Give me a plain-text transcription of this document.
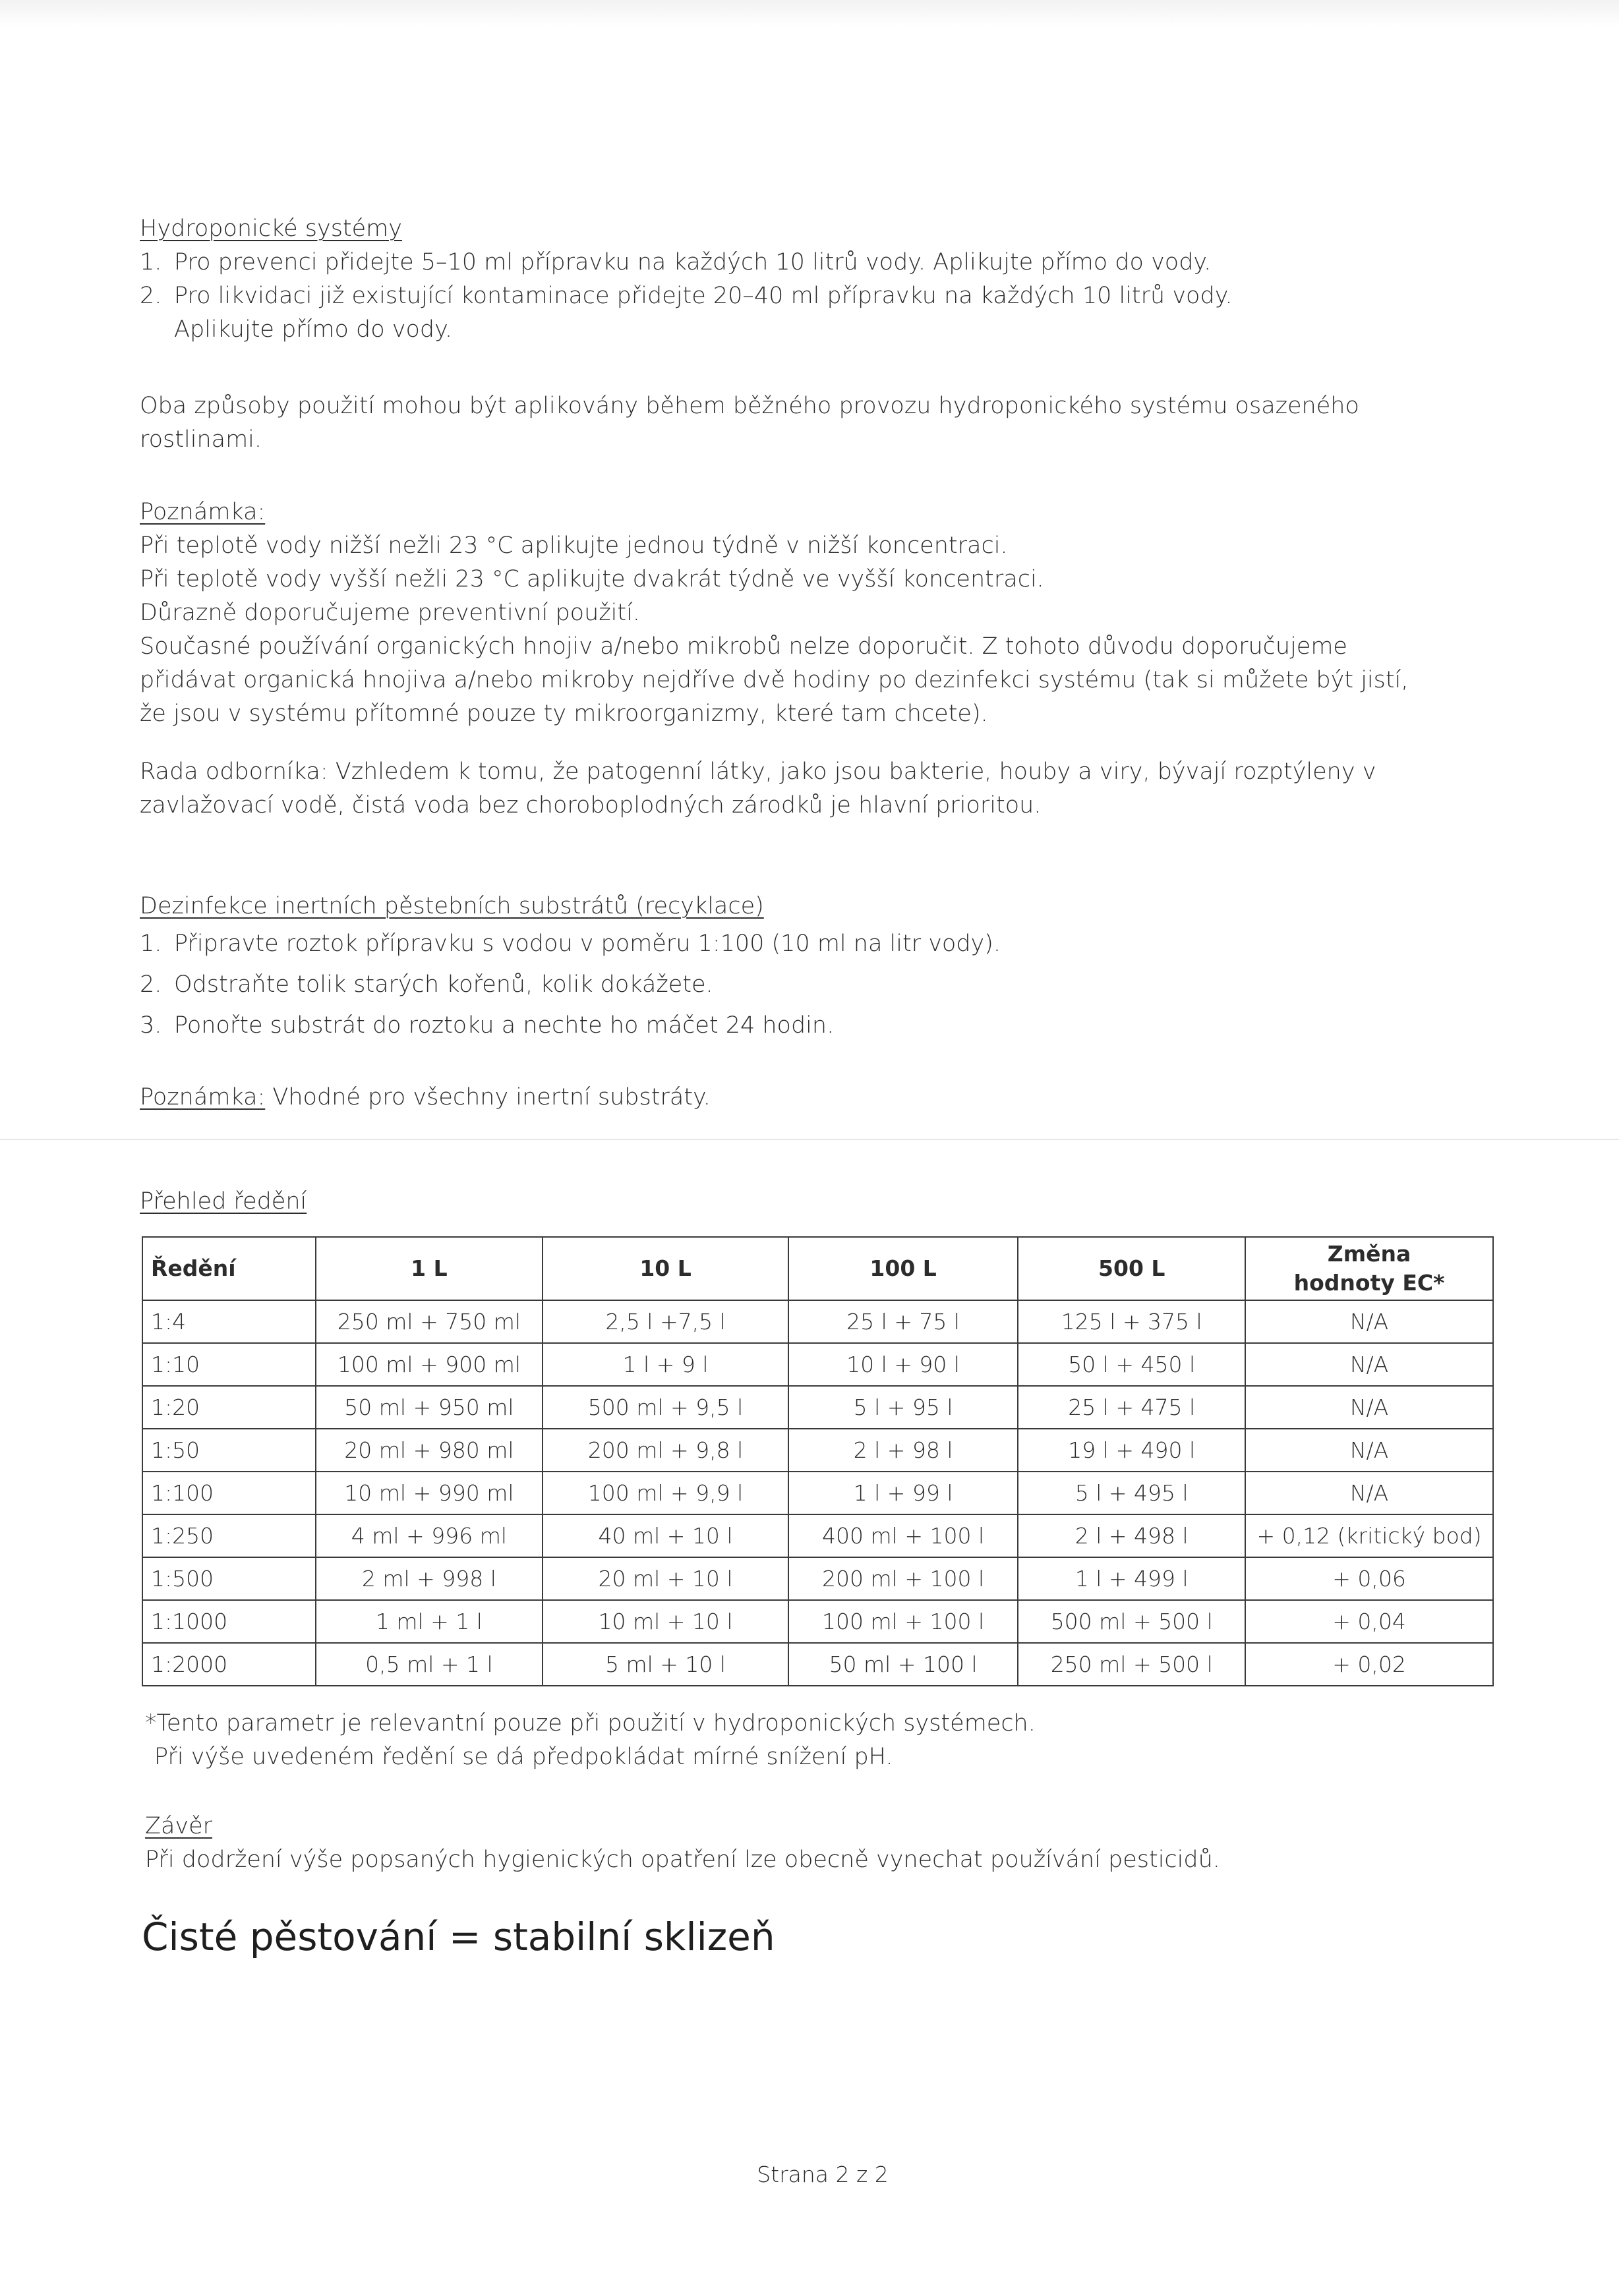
Hydroponické systémy
1. Pro prevenci přidejte 5–10 ml přípravku na každých 10 litrů vody. Aplikujte přímo do vody.
2. Pro likvidaci již existující kontaminace přidejte 20–40 ml přípravku na každých 10 litrů vody.
Aplikujte přímo do vody.

Oba způsoby použití mohou být aplikovány během běžného provozu hydroponického systému osazeného

rostlinami.

Poznámka:

Při teplotě vody nižší nežli 23 °C aplikujte jednou týdně v nižší koncentraci.

Při teplotě vody vyšší nežli 23 °C aplikujte dvakrát týdně ve vyšší koncentraci.

Důrazně doporučujeme preventivní použití.

Současné používání organických hnojiv a/nebo mikrobů nelze doporučit. Z tohoto důvodu doporučujeme

přidávat organická hnojiva a/nebo mikroby nejdříve dvě hodiny po dezinfekci systému (tak si můžete být jistí,

že jsou v systému přítomné pouze ty mikroorganizmy, které tam chcete).

Rada odborníka: Vzhledem k tomu, že patogenní látky, jako jsou bakterie, houby a viry, bývají rozptýleny v

zavlažovací vodě, čistá voda bez choroboplodných zárodků je hlavní prioritou.

Dezinfekce inertních pěstebních substrátů (recyklace)
1. Připravte roztok přípravku s vodou v poměru 1:100 (10 ml na litr vody).
2. Odstraňte tolik starých kořenů, kolik dokážete.
3. Ponořte substrát do roztoku a nechte ho máčet 24 hodin.
Poznámka: Vhodné pro všechny inertní substráty.
Přehled ředění
Ředění	1 L	10 L	100 L	500 L	Změna
hodnoty EC*

1:4	250 ml + 750 ml	2,5 l +7,5 l	25 l + 75 l	125 l + 375 l	N/A
1:10	100 ml + 900 ml	1 l + 9 l	10 l + 90 l	50 l + 450 l	N/A
1:20	50 ml + 950 ml	500 ml + 9,5 l	5 l + 95 l	25 l + 475 l	N/A
1:50	20 ml + 980 ml	200 ml + 9,8 l	2 l + 98 l	19 l + 490 l	N/A
1:100	10 ml + 990 ml	100 ml + 9,9 l	1 l + 99 l	5 l + 495 l	N/A
1:250	4 ml + 996 ml	40 ml + 10 l	400 ml + 100 l	2 l + 498 l	+ 0,12 (kritický bod)
1:500	2 ml + 998 l	20 ml + 10 l	200 ml + 100 l	1 l + 499 l	+ 0,06
1:1000	1 ml + 1 l	10 ml + 10 l	100 ml + 100 l	500 ml + 500 l	+ 0,04
1:2000	0,5 ml + 1 l	5 ml + 10 l	50 ml + 100 l	250 ml + 500 l	+ 0,02

*Tento parametr je relevantní pouze při použití v hydroponických systémech.

Při výše uvedeném ředění se dá předpokládat mírné snížení pH.

Závěr

Při dodržení výše popsaných hygienických opatření lze obecně vynechat používání pesticidů.

Čisté pěstování = stabilní sklizeň
Strana 2 z 2
